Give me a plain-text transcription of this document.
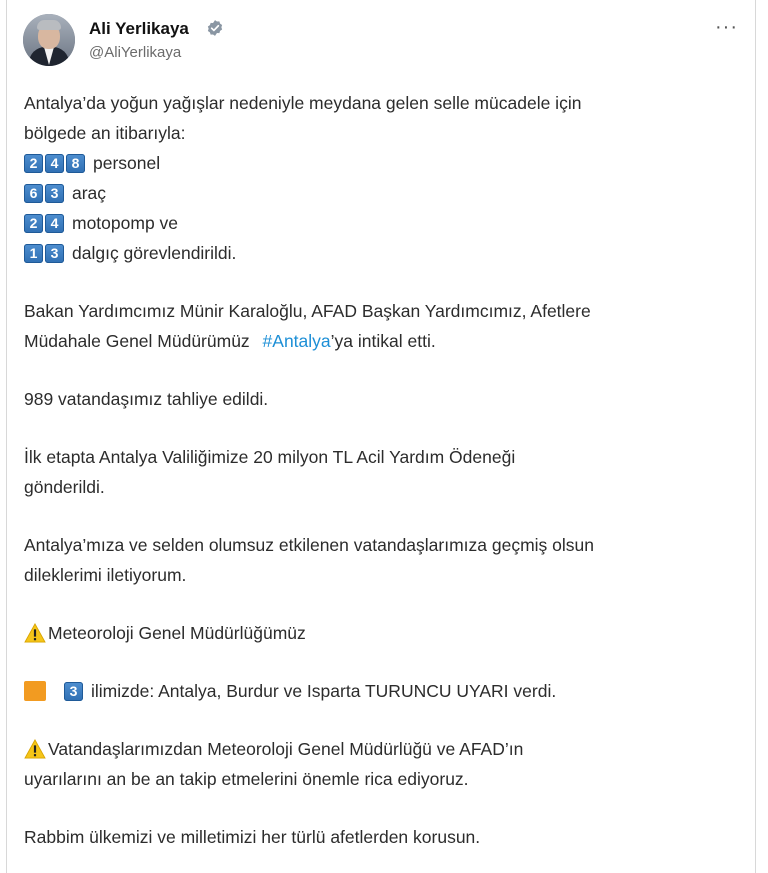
Ali Yerlikaya
@AliYerlikaya
···
Antalya’da yoğun yağışlar nedeniyle meydana gelen selle mücadele için
bölgede an itibarıyla:
2 4 8 personel
6 3 araç
2 4 motopomp ve
1 3 dalgıç görevlendirildi.
Bakan Yardımcımız Münir Karaloğlu, AFAD Başkan Yardımcımız, Afetlere
Müdahale Genel Müdürümüz #Antalya ’ya intikal etti.
989 vatandaşımız tahliye edildi.
İlk etapta Antalya Valiliğimize 20 milyon TL Acil Yardım Ödeneği
gönderildi.
Antalya’mıza ve selden olumsuz etkilenen vatandaşlarımıza geçmiş olsun
dileklerimi iletiyorum.
Meteoroloji Genel Müdürlüğümüz
3 ilimizde: Antalya, Burdur ve Isparta TURUNCU UYARI verdi.
Vatandaşlarımızdan Meteoroloji Genel Müdürlüğü ve AFAD’ın
uyarılarını an be an takip etmelerini önemle rica ediyoruz.
Rabbim ülkemizi ve milletimizi her türlü afetlerden korusun.
